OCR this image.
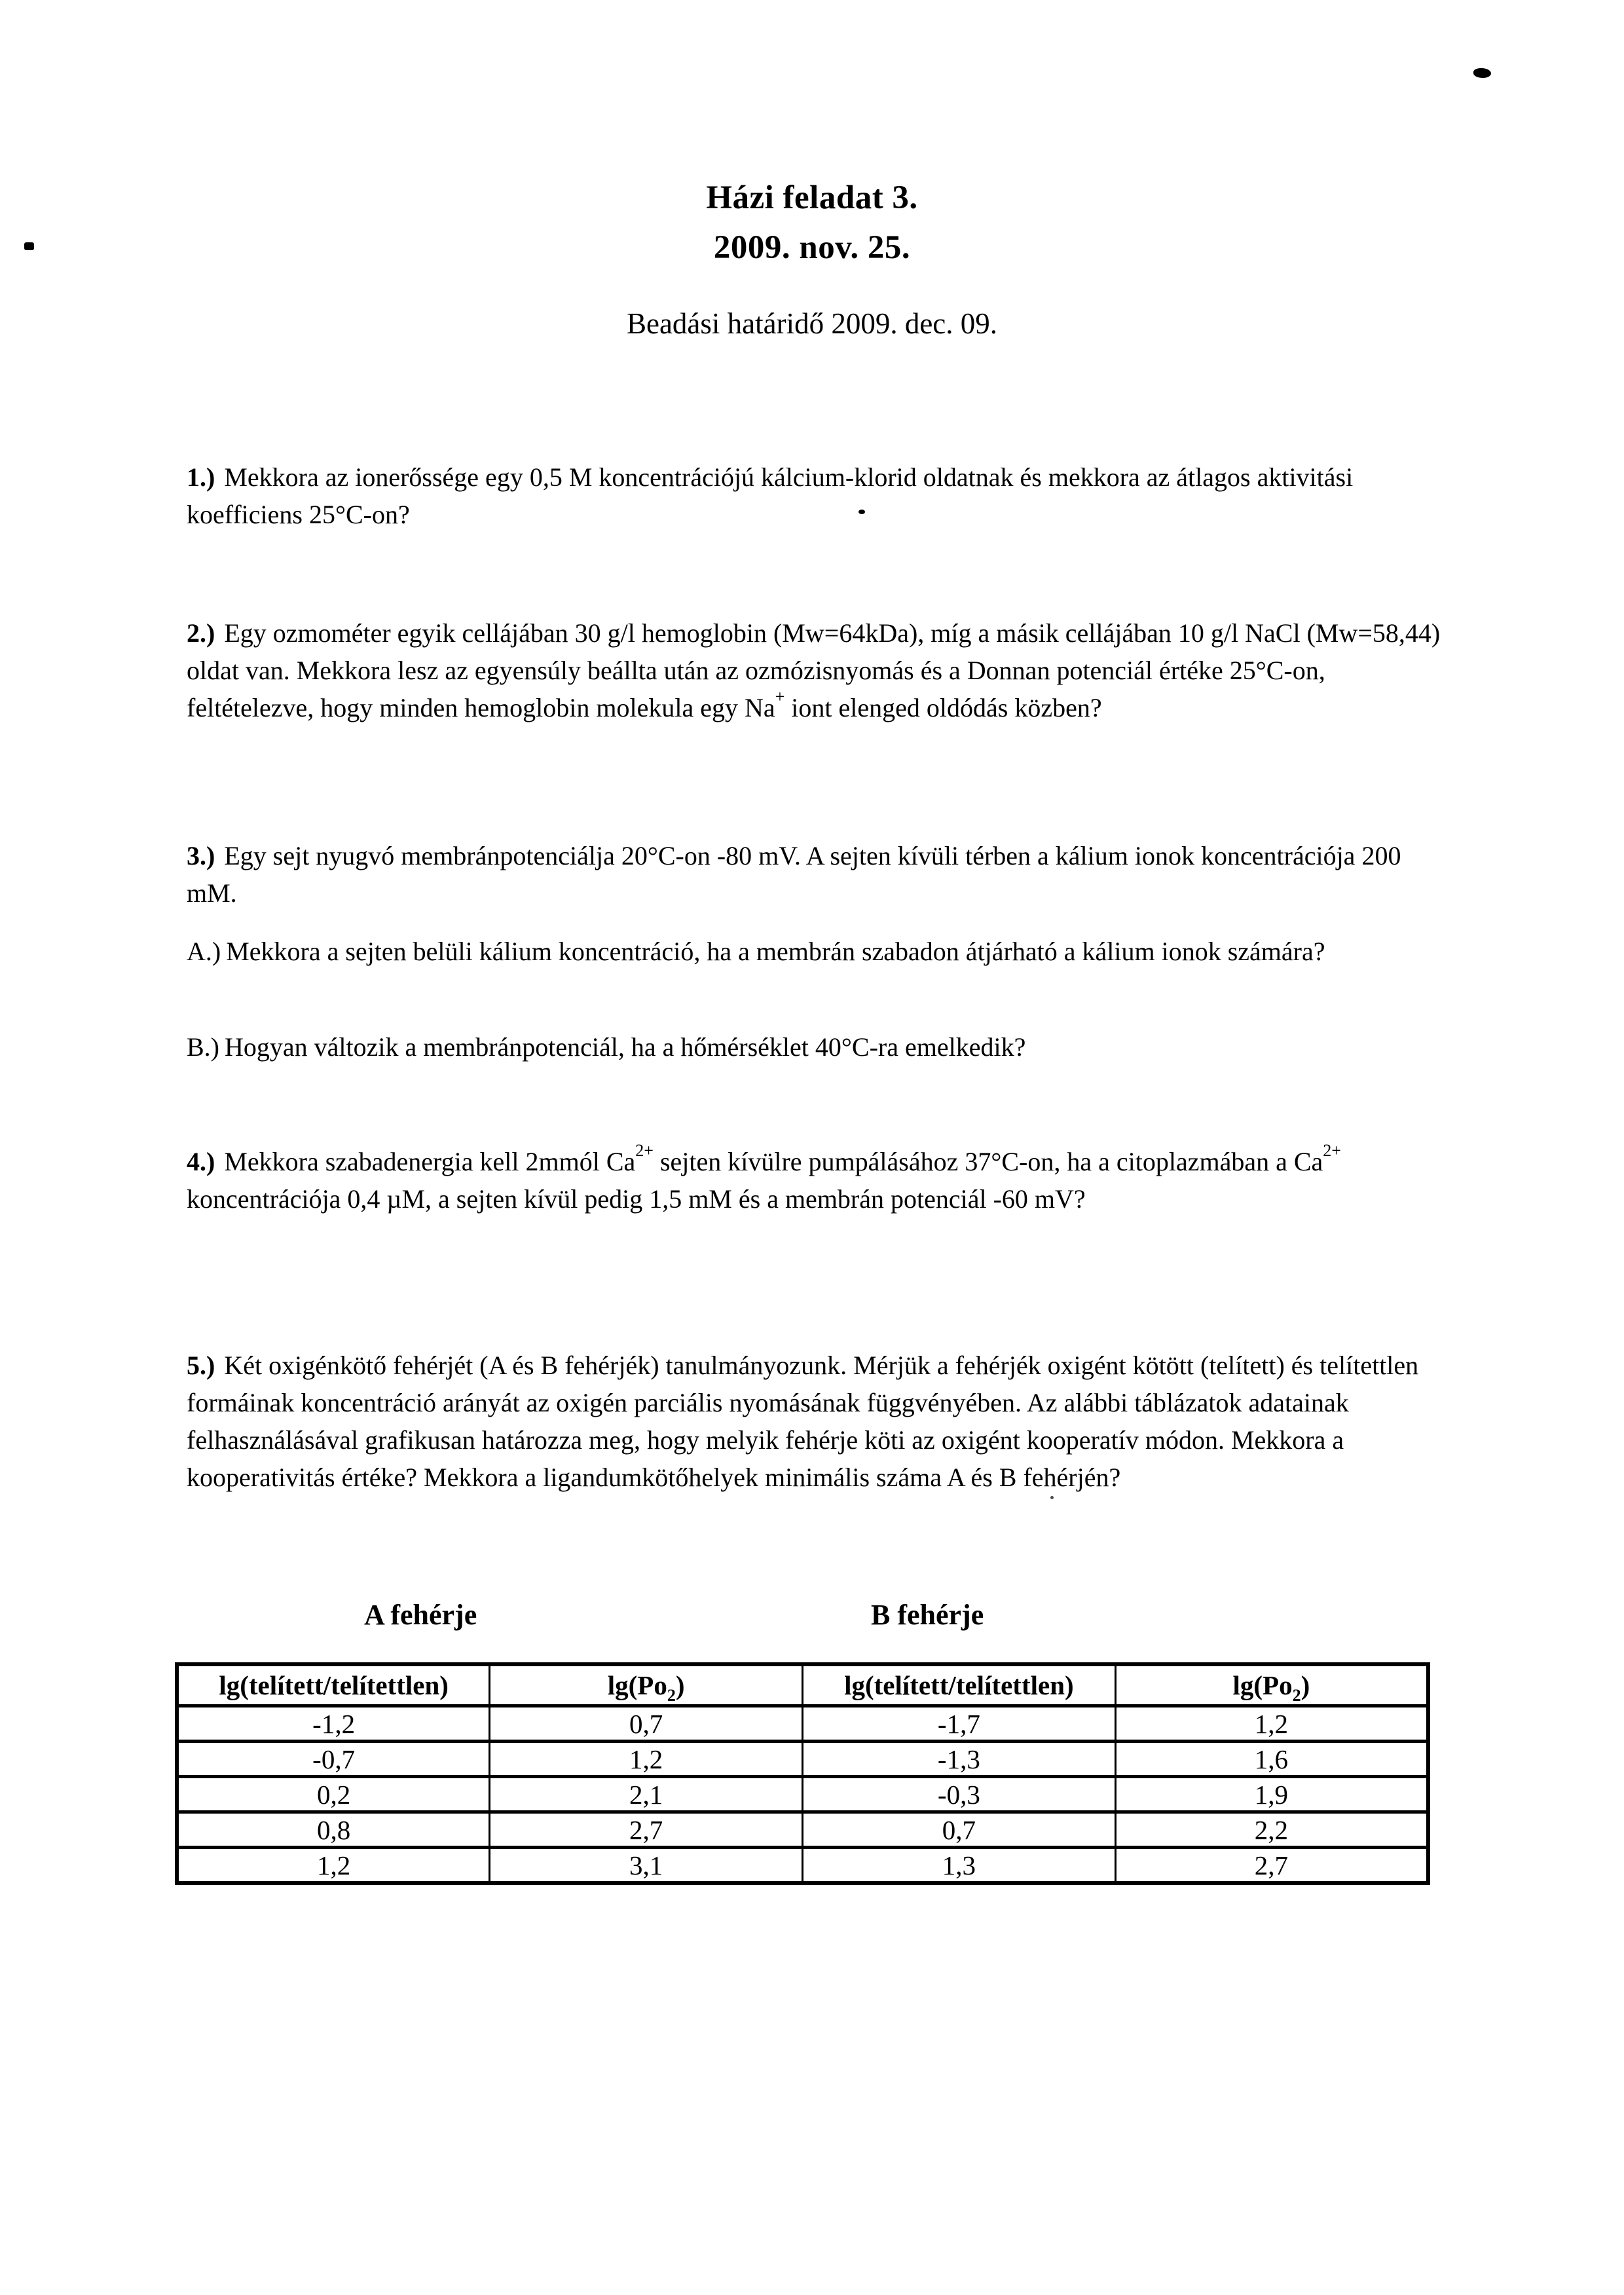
Házi feladat 3.
2009. nov. 25.
Beadási határidő 2009. dec. 09.
1.) Mekkora az ionerőssége egy 0,5 M koncentrációjú kálcium-klorid oldatnak és mekkora az átlagos aktivitási koefficiens 25°C-on?
2.) Egy ozmométer egyik cellájában 30 g/l hemoglobin (Mw=64kDa), míg a másik cellájában 10 g/l NaCl (Mw=58,44) oldat van. Mekkora lesz az egyensúly beállta után az ozmózisnyomás és a Donnan potenciál értéke 25°C-on, feltételezve, hogy minden hemoglobin molekula egy Na+ iont elenged oldódás közben?
3.) Egy sejt nyugvó membránpotenciálja 20°C-on -80 mV. A sejten kívüli térben a kálium ionok koncentrációja 200 mM.
A.) Mekkora a sejten belüli kálium koncentráció, ha a membrán szabadon átjárható a kálium ionok számára?
B.) Hogyan változik a membránpotenciál, ha a hőmérséklet 40°C-ra emelkedik?
4.) Mekkora szabadenergia kell 2mmól $Ca^{2+}$ sejten kívülre pumpálásához 37°C-on, ha a citoplazmában a $Ca^{2+}$ koncentrációja 0,4 µM, a sejten kívül pedig 1,5 mM és a membrán potenciál -60 mV?
5.) Két oxigénkötő fehérjét (A és B fehérjék) tanulmányozunk. Mérjük a fehérjék oxigént kötött (telített) és telítettlen formáinak koncentráció arányát az oxigén parciális nyomásának függvényében. Az alábbi táblázatok adatainak felhasználásával grafikusan határozza meg, hogy melyik fehérje köti az oxigént kooperatív módon. Mekkora a kooperativitás értéke? Mekkora a ligandumkötőhelyek minimális száma A és B fehérjén?
A fehérje	B fehérje
lg(telített/telítettlen)	$\lg(Po_2)$	lg(telített/telítettlen)	$\lg(Po_2)$
-1,2	0,7	-1,7	1,2
-0,7	1,2	-1,3	1,6
0,2	2,1	-0,3	1,9
0,8	2,7	0,7	2,2
1,2	3,1	1,3	2,7
